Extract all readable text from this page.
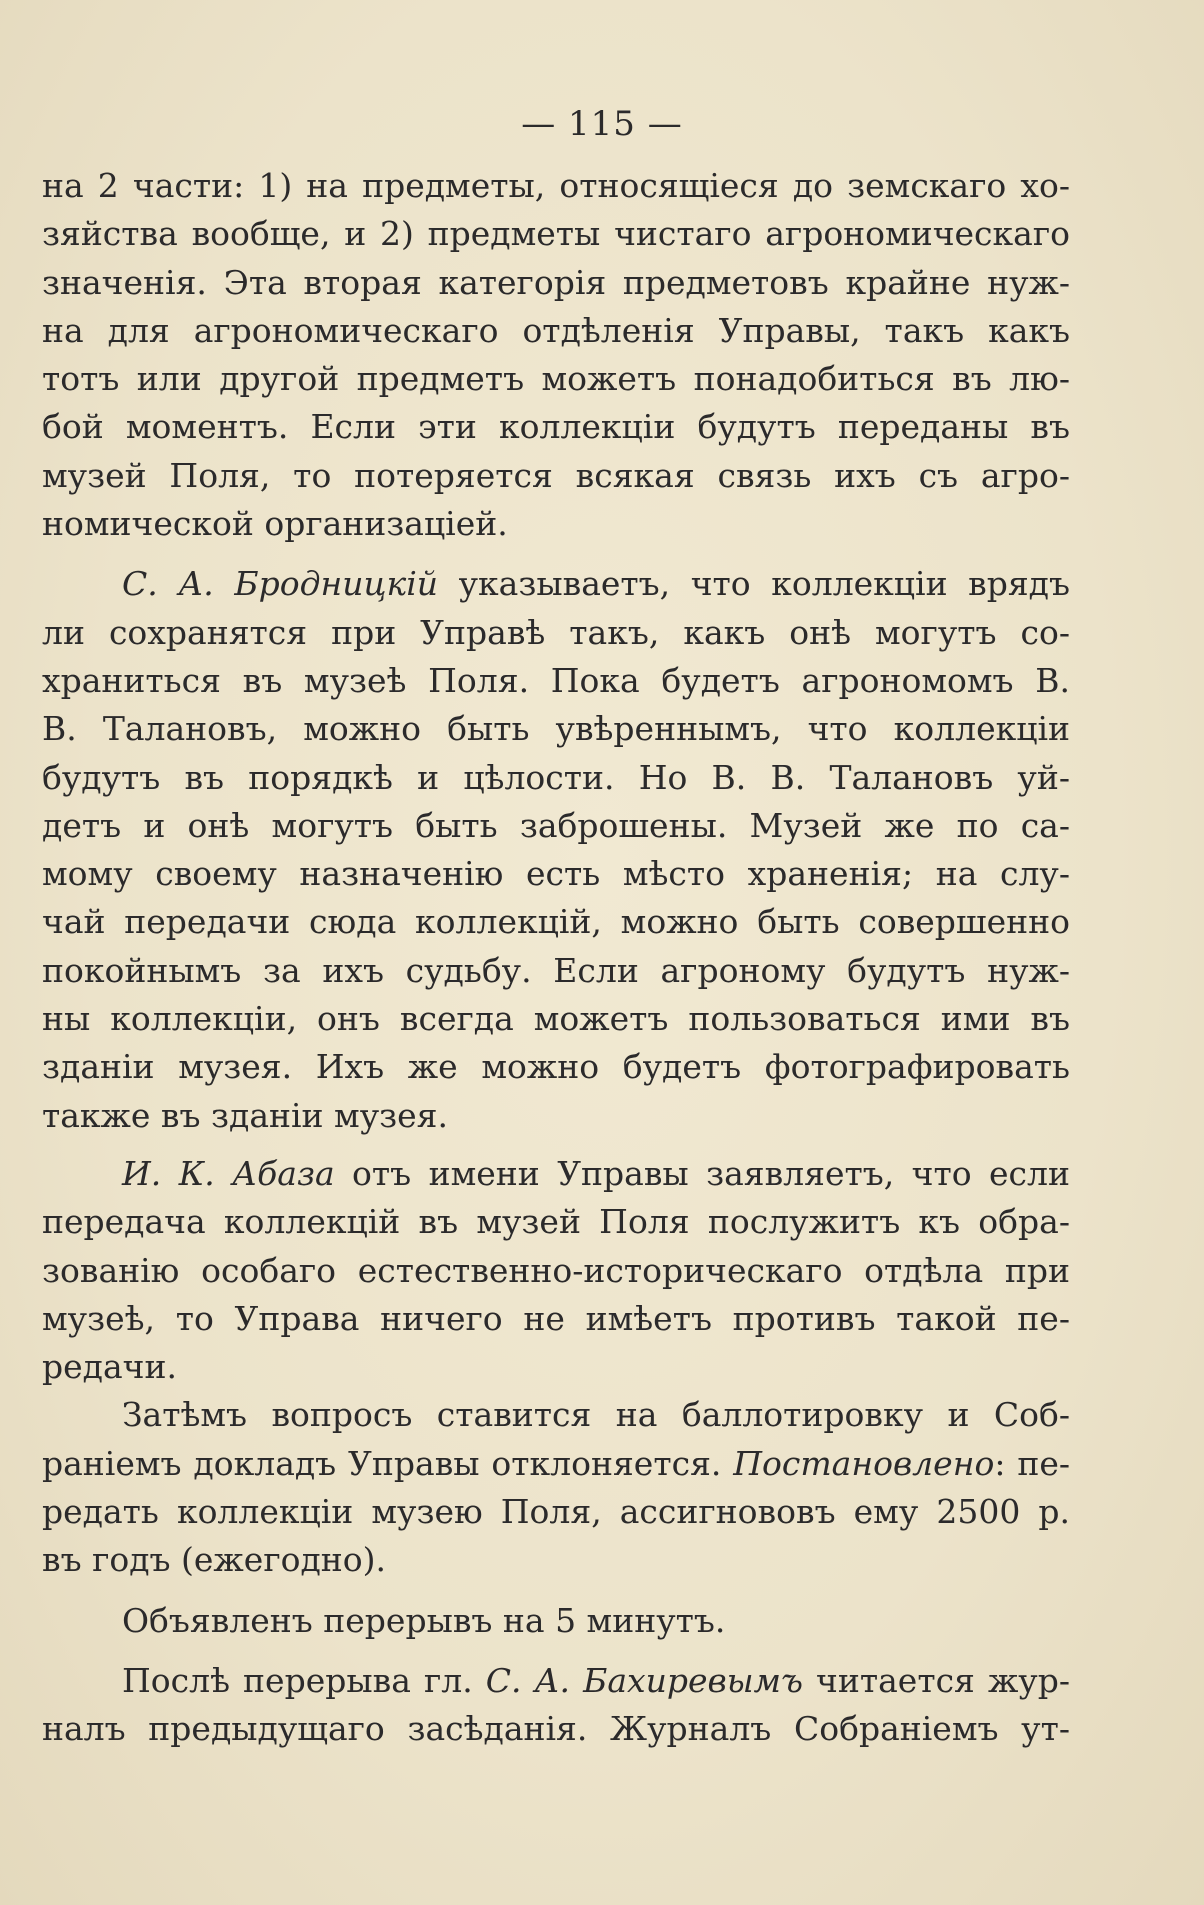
— 115 —
на 2 части: 1) на предметы, относящіеся до земскаго хо-
зяйства вообще, и 2) предметы чистаго агрономическаго
значенія. Эта вторая категорія предметовъ крайне нуж-
на для агрономическаго отдѣленія Управы, такъ какъ
тотъ или другой предметъ можетъ понадобиться въ лю-
бой моментъ. Если эти коллекціи будутъ переданы въ
музей Поля, то потеряется всякая связь ихъ съ агро-
номической организаціей.
С. А. Бродницкій указываетъ, что коллекціи врядъ
ли сохранятся при Управѣ такъ, какъ онѣ могутъ со-
храниться въ музеѣ Поля. Пока будетъ агрономомъ В.
В. Талановъ, можно быть увѣреннымъ, что коллекціи
будутъ въ порядкѣ и цѣлости. Но В. В. Талановъ уй-
детъ и онѣ могутъ быть заброшены. Музей же по са-
мому своему назначенію есть мѣсто храненія; на слу-
чай передачи сюда коллекцій, можно быть совершенно
покойнымъ за ихъ судьбу. Если агроному будутъ нуж-
ны коллекціи, онъ всегда можетъ пользоваться ими въ
зданіи музея. Ихъ же можно будетъ фотографировать
также въ зданіи музея.
И. К. Абаза отъ имени Управы заявляетъ, что если
передача коллекцій въ музей Поля послужитъ къ обра-
зованію особаго естественно-историческаго отдѣла при
музеѣ, то Управа ничего не имѣетъ противъ такой пе-
редачи.
Затѣмъ вопросъ ставится на баллотировку и Соб-
раніемъ докладъ Управы отклоняется. Постановлено: пе-
редать коллекціи музею Поля, ассигнововъ ему 2500 р.
въ годъ (ежегодно).
Объявленъ перерывъ на 5 минутъ.
Послѣ перерыва гл. С. А. Бахиревымъ читается жур-
налъ предыдущаго засѣданія. Журналъ Собраніемъ ут-
